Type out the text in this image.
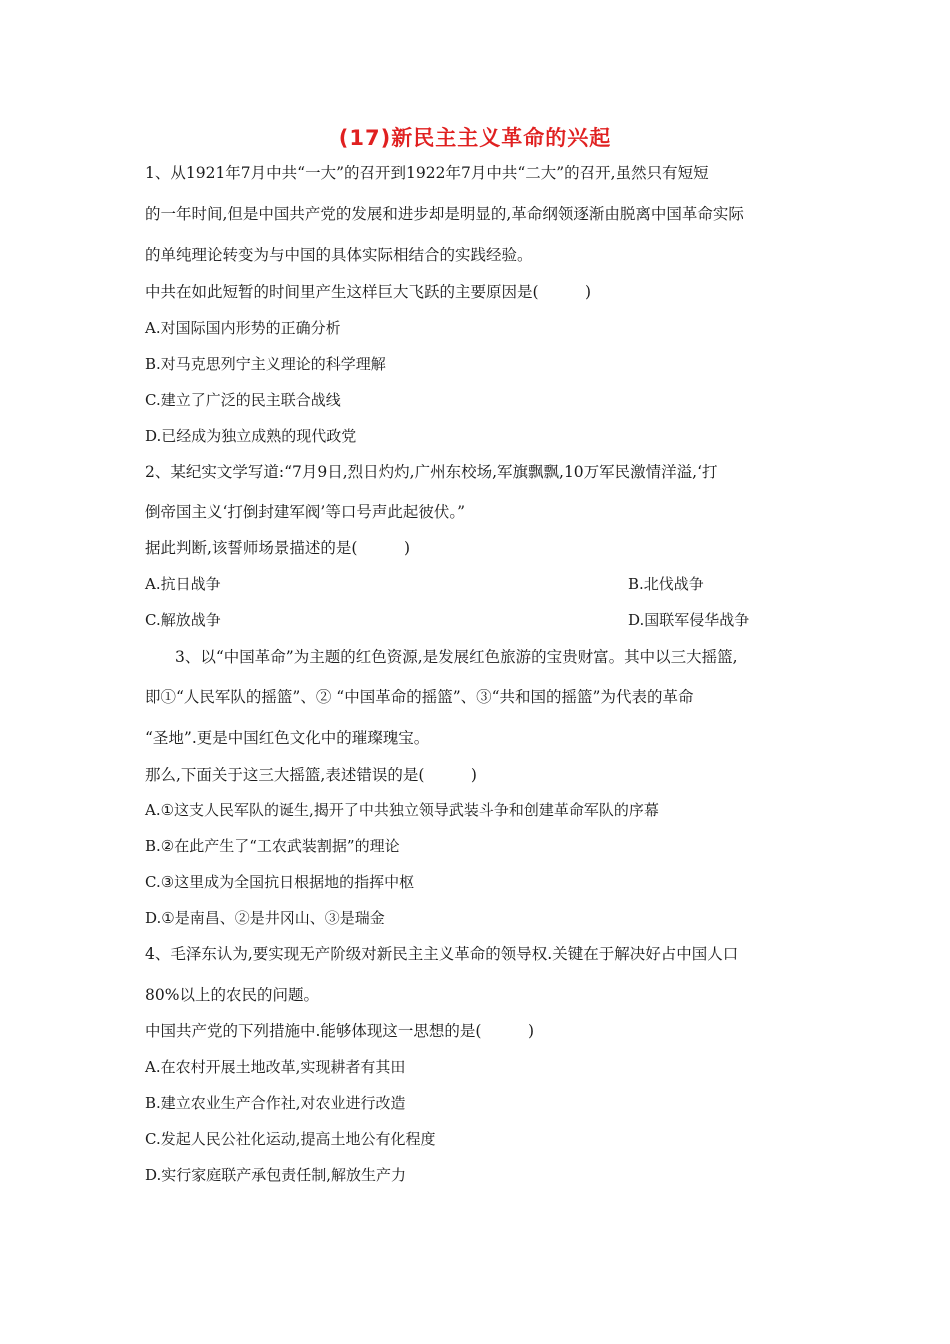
(17)新民主主义革命的兴起
1、从1921年7月中共“一大”的召开到1922年7月中共“二大”的召开,虽然只有短短
的一年时间,但是中国共产党的发展和进步却是明显的,革命纲领逐渐由脱离中国革命实际
的单纯理论转变为与中国的具体实际相结合的实践经验。
中共在如此短暂的时间里产生这样巨大飞跃的主要原因是(　　　)
A.对国际国内形势的正确分析
B.对马克思列宁主义理论的科学理解
C.建立了广泛的民主联合战线
D.已经成为独立成熟的现代政党
2、某纪实文学写道:“7月9日,烈日灼灼,广州东校场,军旗飘飘,10万军民激情洋溢,‘打
倒帝国主义‘打倒封建军阀’等口号声此起彼伏。”
据此判断,该誓师场景描述的是(　　　)
A.抗日战争	B.北伐战争
C.解放战争	D.国联军侵华战争
3、以“中国革命”为主题的红色资源,是发展红色旅游的宝贵财富。其中以三大摇篮,
即①“人民军队的摇篮”、② “中国革命的摇篮”、③“共和国的摇篮”为代表的革命
“圣地”.更是中国红色文化中的璀璨瑰宝。
那么,下面关于这三大摇篮,表述错误的是(　　　)
A.①这支人民军队的诞生,揭开了中共独立领导武装斗争和创建革命军队的序幕
B.②在此产生了“工农武装割据”的理论
C.③这里成为全国抗日根据地的指挥中枢
D.①是南昌、②是井冈山、③是瑞金
4、毛泽东认为,要实现无产阶级对新民主主义革命的领导权.关键在于解决好占中国人口
80%以上的农民的问题。
中国共产党的下列措施中.能够体现这一思想的是(　　　)
A.在农村开展土地改革,实现耕者有其田
B.建立农业生产合作社,对农业进行改造
C.发起人民公社化运动,提高土地公有化程度
D.实行家庭联产承包责任制,解放生产力
